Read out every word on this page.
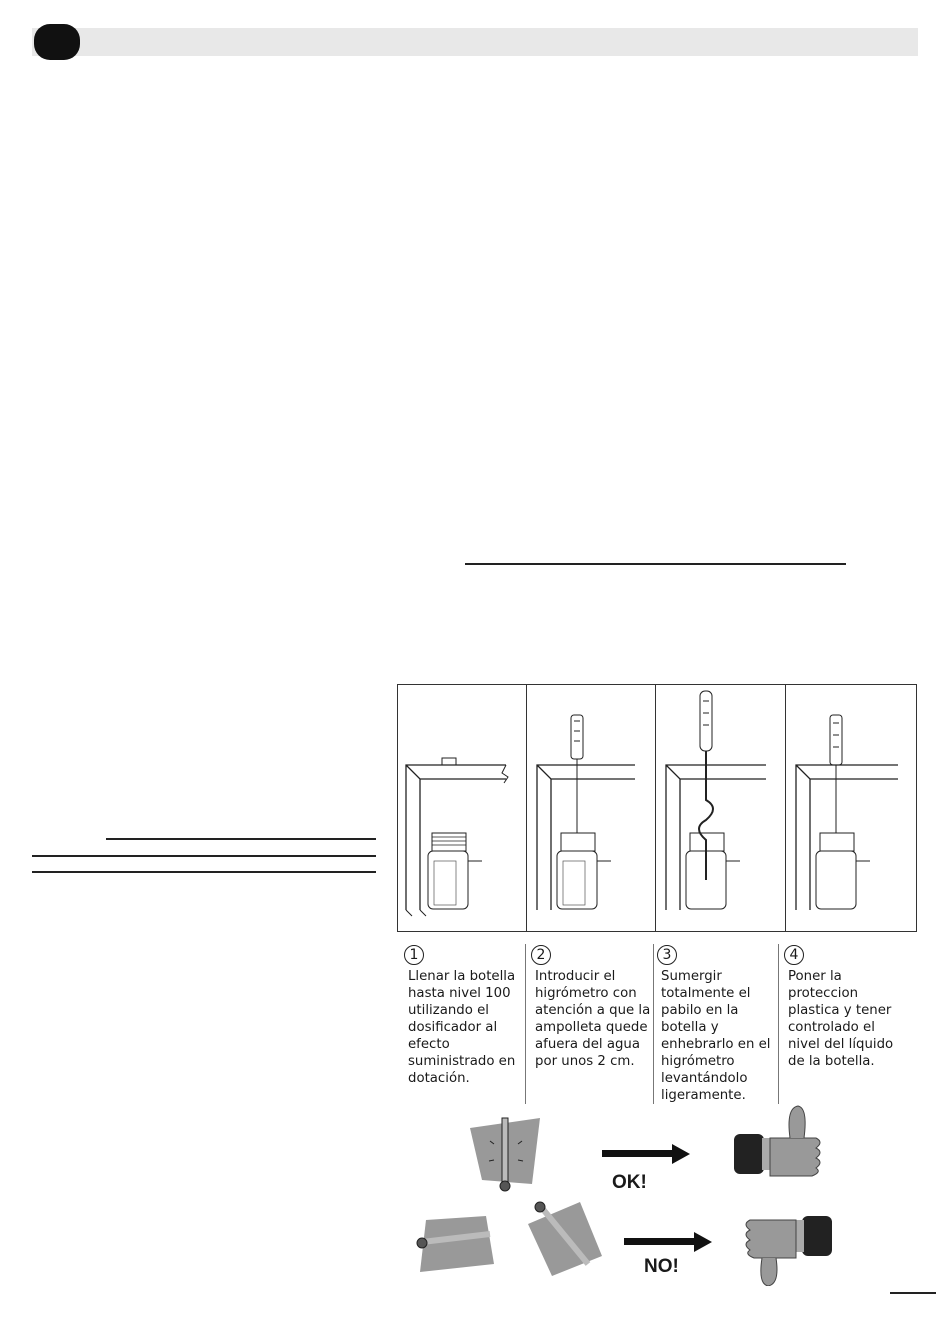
1
Llenar la botella
hasta nivel 100
utilizando el
dosificador al
efecto
suministrado en
dotación.
2
Introducir el
higrómetro con
atención a que la
ampolleta quede
afuera del agua
por unos 2 cm.
3
Sumergir
totalmente el
pabilo en la
botella y
enhebrarlo en el
higrómetro
levantándolo
ligeramente.
4
Poner la
proteccion
plastica y tener
controlado el
nivel del líquido
de la botella.
OK!
NO!
